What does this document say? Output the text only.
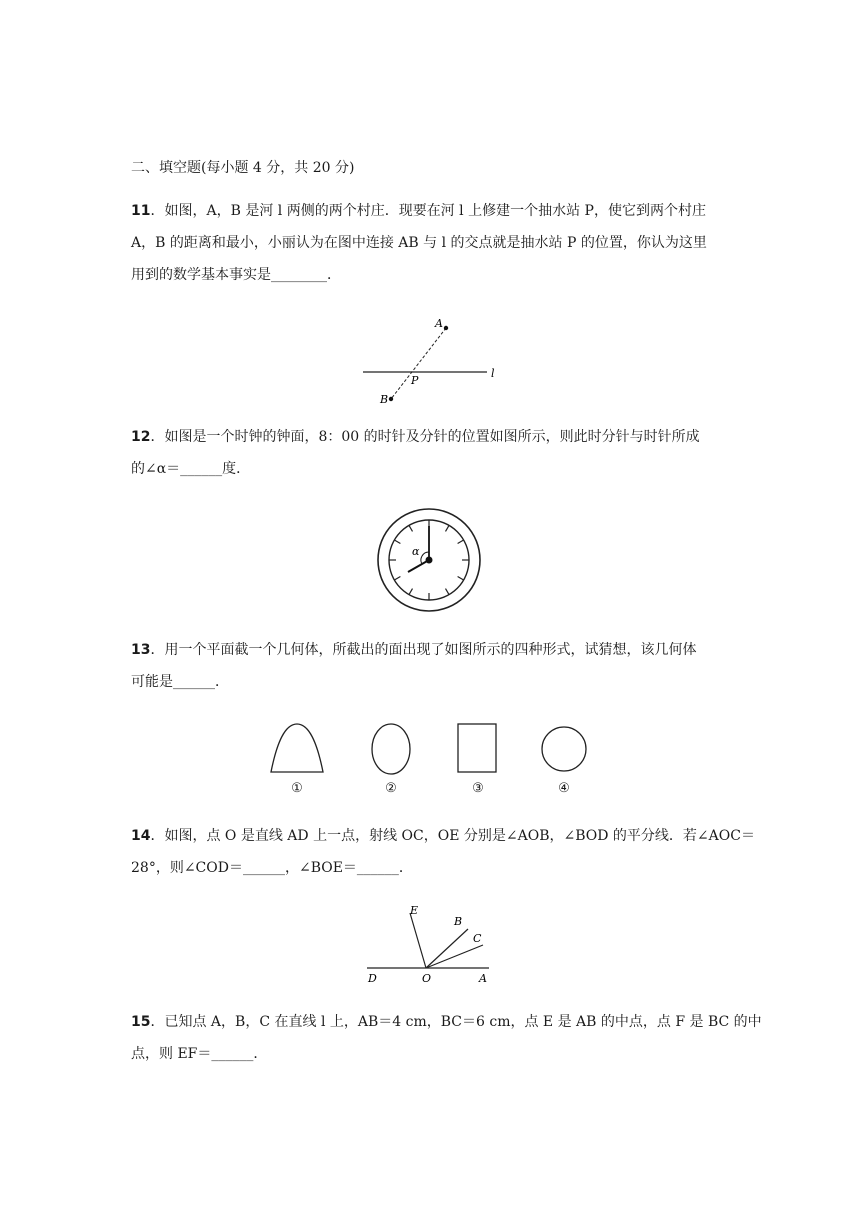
二、填空题(每小题 4 分，共 20 分)
11．如图，A，B 是河 l 两侧的两个村庄．现要在河 l 上修建一个抽水站 P，使它到两个村庄
A，B 的距离和最小，小丽认为在图中连接 AB 与 l 的交点就是抽水站 P 的位置，你认为这里
用到的数学基本事实是________．
A
B
P
l
12．如图是一个时钟的钟面，8：00 的时针及分针的位置如图所示，则此时分针与时针所成
的∠α＝______度．
α
13．用一个平面截一个几何体，所截出的面出现了如图所示的四种形式，试猜想，该几何体
可能是______．
①	②	③	④
14．如图，点 O 是直线 AD 上一点，射线 OC，OE 分别是∠AOB，∠BOD 的平分线．若∠AOC＝
28°，则∠COD＝______，∠BOE＝______．
E
B
C
D	O	A
15．已知点 A，B，C 在直线 l 上，AB＝4 cm，BC＝6 cm，点 E 是 AB 的中点，点 F 是 BC 的中
点，则 EF＝______．
